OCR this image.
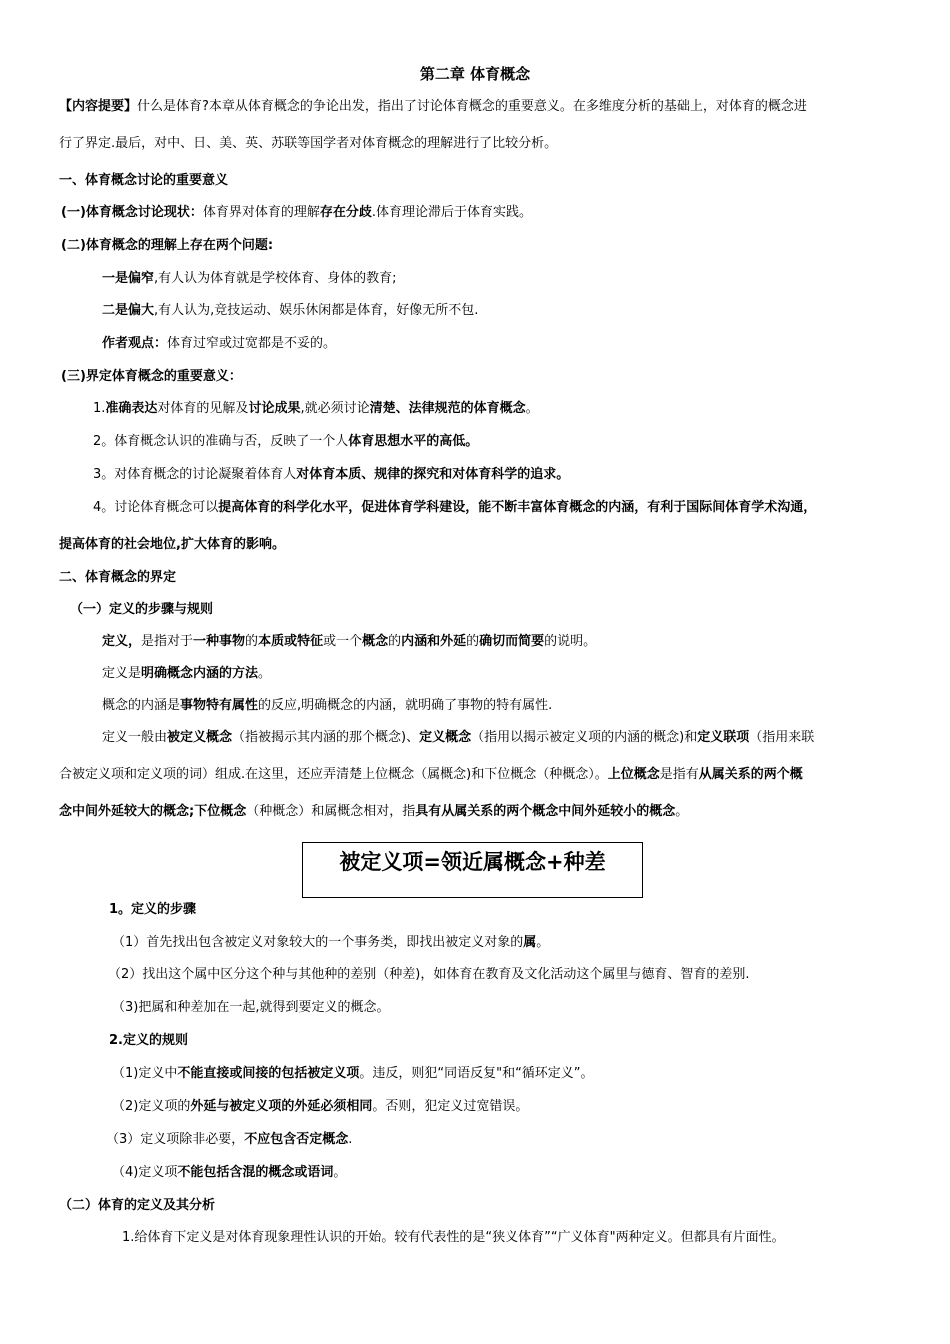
第二章 体育概念
【内容提要】什么是体育?本章从体育概念的争论出发，指出了讨论体育概念的重要意义。在多维度分析的基础上，对体育的概念进
行了界定.最后，对中、日、美、英、苏联等国学者对体育概念的理解进行了比较分析。
一、体育概念讨论的重要意义
(一)体育概念讨论现状：体育界对体育的理解存在分歧.体育理论滞后于体育实践。
(二)体育概念的理解上存在两个问题:
一是偏窄,有人认为体育就是学校体育、身体的教育;
二是偏大,有人认为,竞技运动、娱乐休闲都是体育，好像无所不包.
作者观点：体育过窄或过宽都是不妥的。
(三)界定体育概念的重要意义：
1.准确表达对体育的见解及讨论成果,就必须讨论清楚、法律规范的体育概念。
2。体育概念认识的准确与否，反映了一个人体育思想水平的高低。
3。对体育概念的讨论凝聚着体育人对体育本质、规律的探究和对体育科学的追求。
4。讨论体育概念可以提高体育的科学化水平，促进体育学科建设，能不断丰富体育概念的内涵，有利于国际间体育学术沟通，
提高体育的社会地位,扩大体育的影响。
二、体育概念的界定
（一）定义的步骤与规则
定义，是指对于一种事物的本质或特征或一个概念的内涵和外延的确切而简要的说明。
定义是明确概念内涵的方法。
概念的内涵是事物特有属性的反应,明确概念的内涵，就明确了事物的特有属性.
定义一般由被定义概念（指被揭示其内涵的那个概念)、定义概念（指用以揭示被定义项的内涵的概念)和定义联项（指用来联
合被定义项和定义项的词）组成.在这里，还应弄清楚上位概念（属概念)和下位概念（种概念）。上位概念是指有从属关系的两个概
念中间外延较大的概念;下位概念（种概念）和属概念相对，指具有从属关系的两个概念中间外延较小的概念。
被定义项=领近属概念+种差
1。定义的步骤
（1）首先找出包含被定义对象较大的一个事务类，即找出被定义对象的属。
（2）找出这个属中区分这个种与其他种的差别（种差)，如体育在教育及文化活动这个属里与德育、智育的差别.
（3)把属和种差加在一起,就得到要定义的概念。
2.定义的规则
（1)定义中不能直接或间接的包括被定义项。违反，则犯“同语反复"和“循环定义”。
（2)定义项的外延与被定义项的外延必须相同。否则，犯定义过宽错误。
（3）定义项除非必要，不应包含否定概念.
（4)定义项不能包括含混的概念或语词。
（二）体育的定义及其分析
1.给体育下定义是对体育现象理性认识的开始。较有代表性的是“狭义体育”“广义体育"两种定义。但都具有片面性。
